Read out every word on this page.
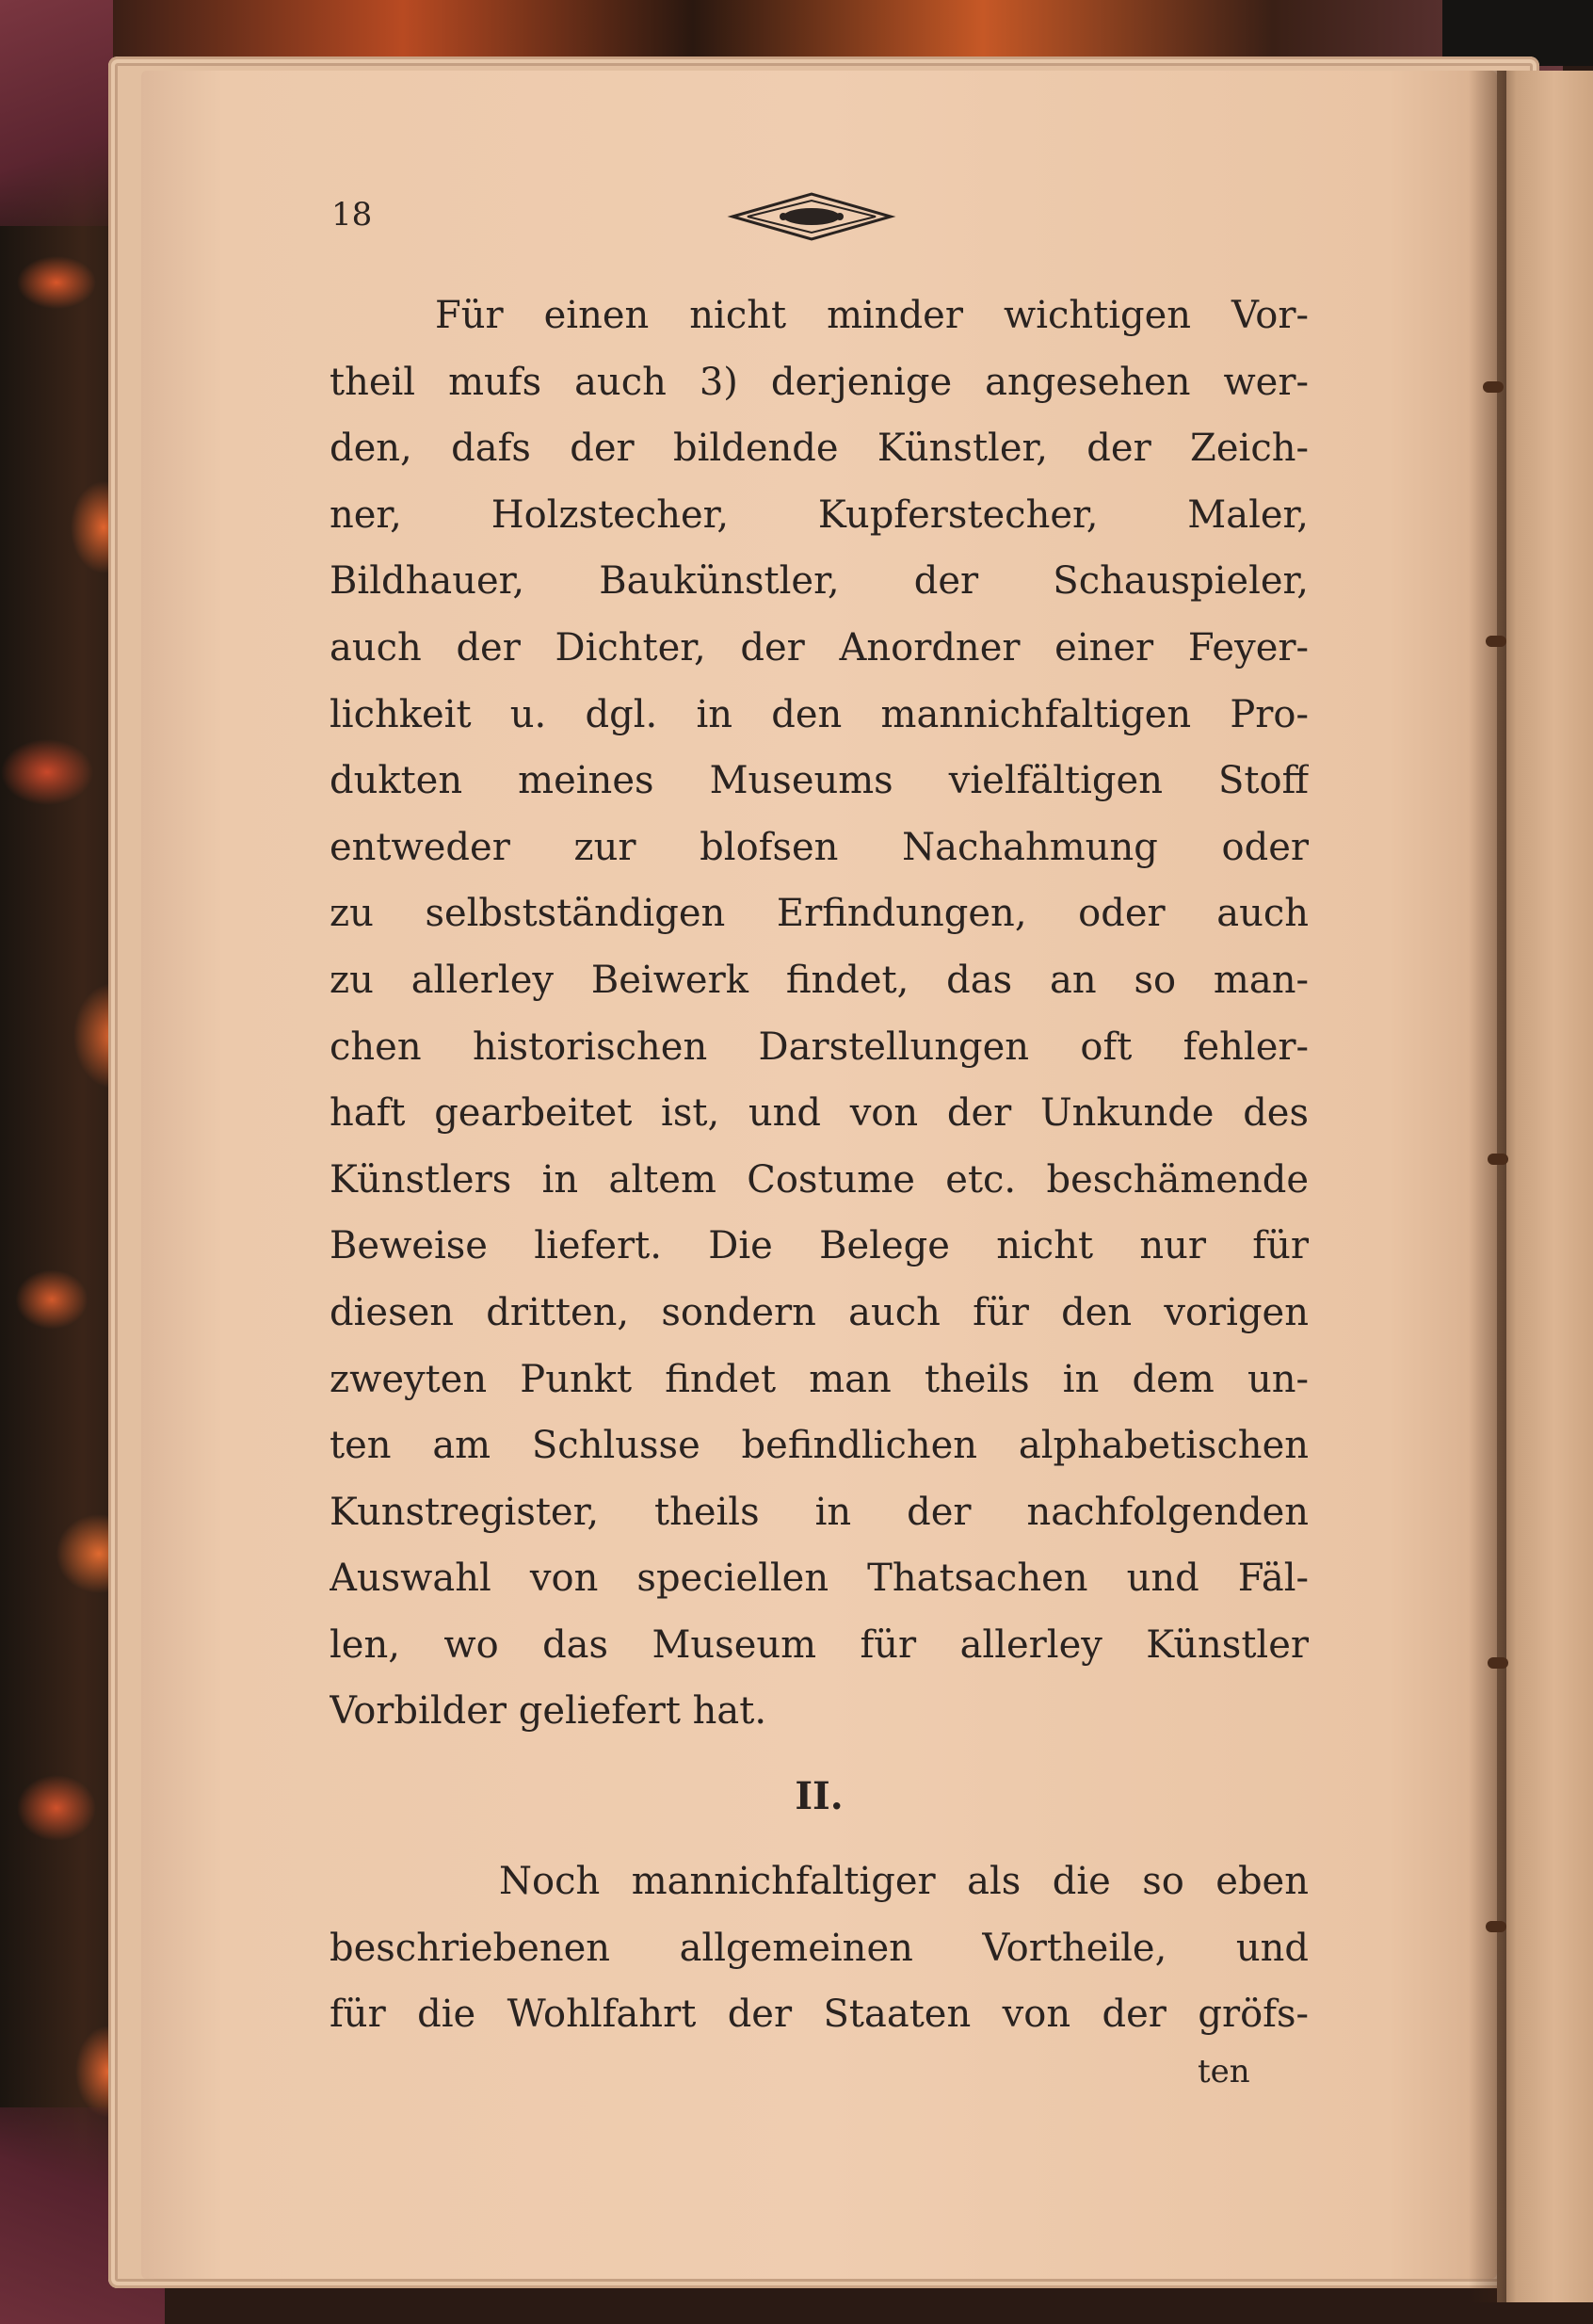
18
Für einen nicht minder wichtigen Vor-
theil mufs auch 3) derjenige angesehen wer-
den, dafs der bildende Künstler, der Zeich-
ner, Holzstecher, Kupferstecher, Maler,
Bildhauer, Baukünstler, der Schauspieler,
auch der Dichter, der Anordner einer Feyer-
lichkeit u. dgl. in den mannichfaltigen Pro-
dukten meines Museums vielfältigen Stoff
entweder zur blofsen Nachahmung oder
zu selbstständigen Erfindungen, oder auch
zu allerley Beiwerk findet, das an so man-
chen historischen Darstellungen oft fehler-
haft gearbeitet ist, und von der Unkunde des
Künstlers in altem Costume etc. beschämende
Beweise liefert. Die Belege nicht nur für
diesen dritten, sondern auch für den vorigen
zweyten Punkt findet man theils in dem un-
ten am Schlusse befindlichen alphabetischen
Kunstregister, theils in der nachfolgenden
Auswahl von speciellen Thatsachen und Fäl-
len, wo das Museum für allerley Künstler
Vorbilder geliefert hat.
II.
Noch mannichfaltiger als die so eben
beschriebenen allgemeinen Vortheile, und
für die Wohlfahrt der Staaten von der gröfs-
ten
